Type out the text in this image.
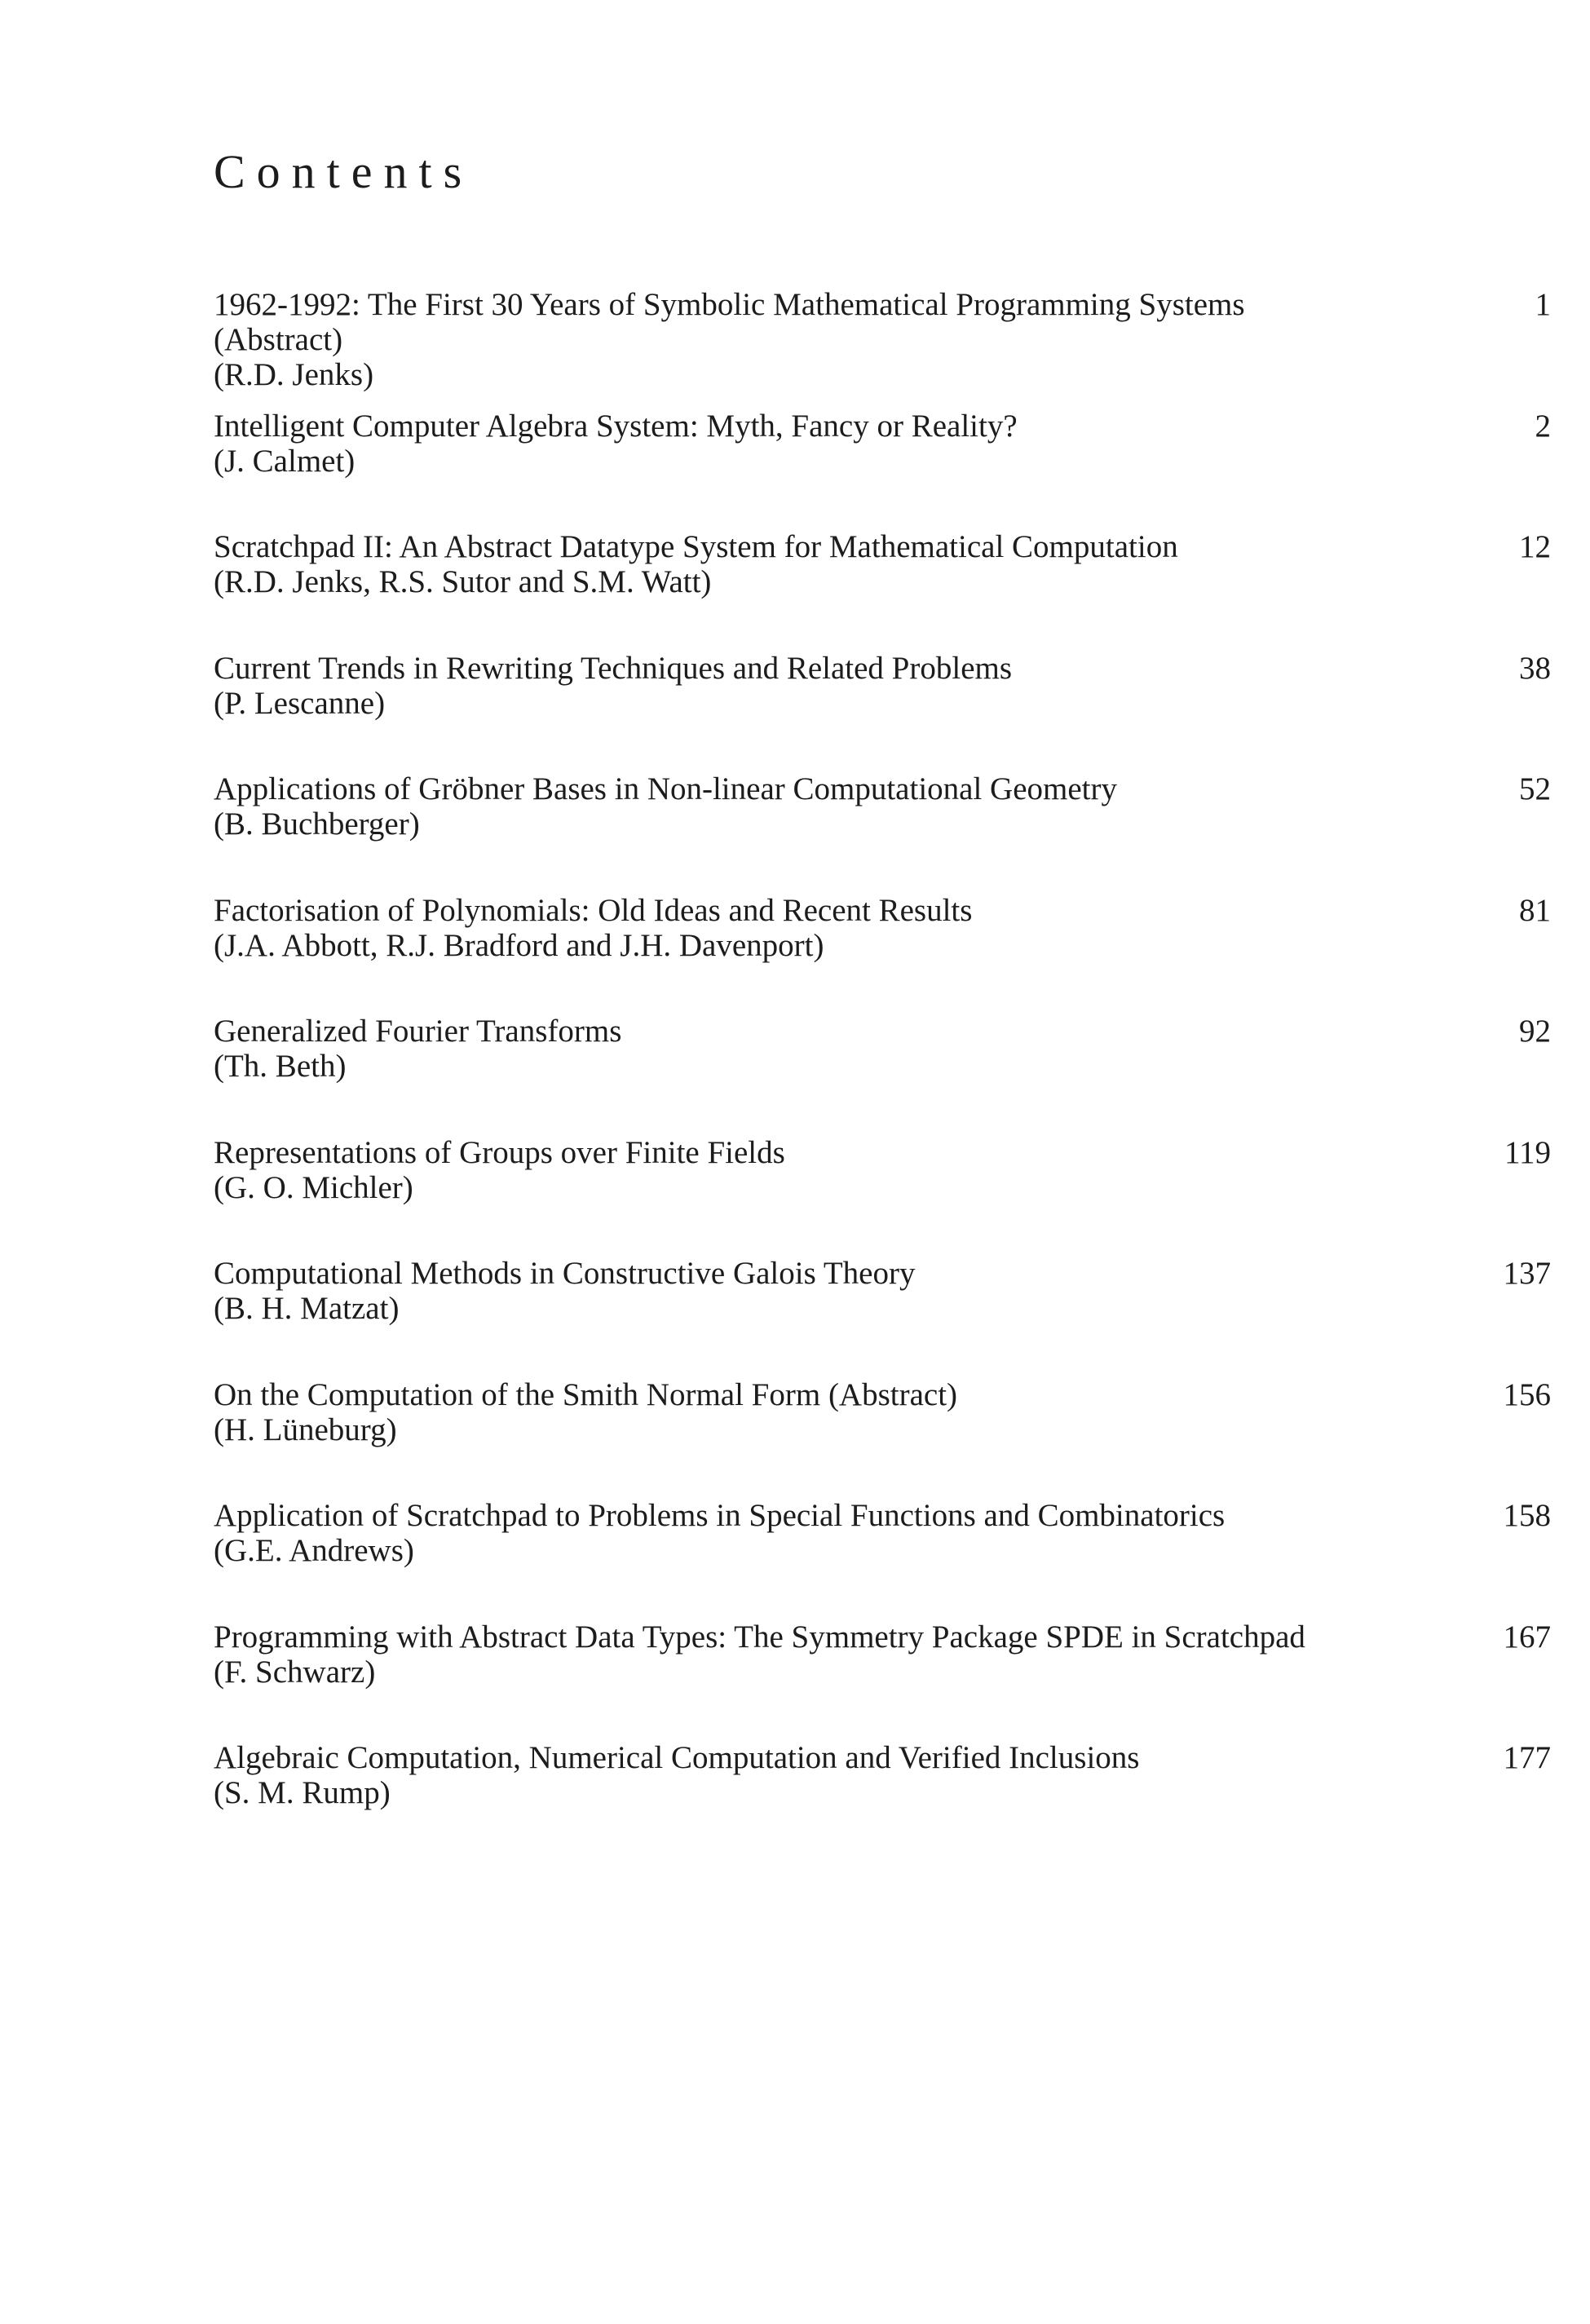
Contents
1962-1992: The First 30 Years of Symbolic Mathematical Programming Systems
(Abstract)
(R.D. Jenks)
1
Intelligent Computer Algebra System: Myth, Fancy or Reality?
(J. Calmet)
2
Scratchpad II: An Abstract Datatype System for Mathematical Computation
(R.D. Jenks, R.S. Sutor and S.M. Watt)
12
Current Trends in Rewriting Techniques and Related Problems
(P. Lescanne)
38
Applications of Gröbner Bases in Non-linear Computational Geometry
(B. Buchberger)
52
Factorisation of Polynomials: Old Ideas and Recent Results
(J.A. Abbott, R.J. Bradford and J.H. Davenport)
81
Generalized Fourier Transforms
(Th. Beth)
92
Representations of Groups over Finite Fields
(G. O. Michler)
119
Computational Methods in Constructive Galois Theory
(B. H. Matzat)
137
On the Computation of the Smith Normal Form (Abstract)
(H. Lüneburg)
156
Application of Scratchpad to Problems in Special Functions and Combinatorics
(G.E. Andrews)
158
Programming with Abstract Data Types: The Symmetry Package SPDE in Scratchpad
(F. Schwarz)
167
Algebraic Computation, Numerical Computation and Verified Inclusions
(S. M. Rump)
177
